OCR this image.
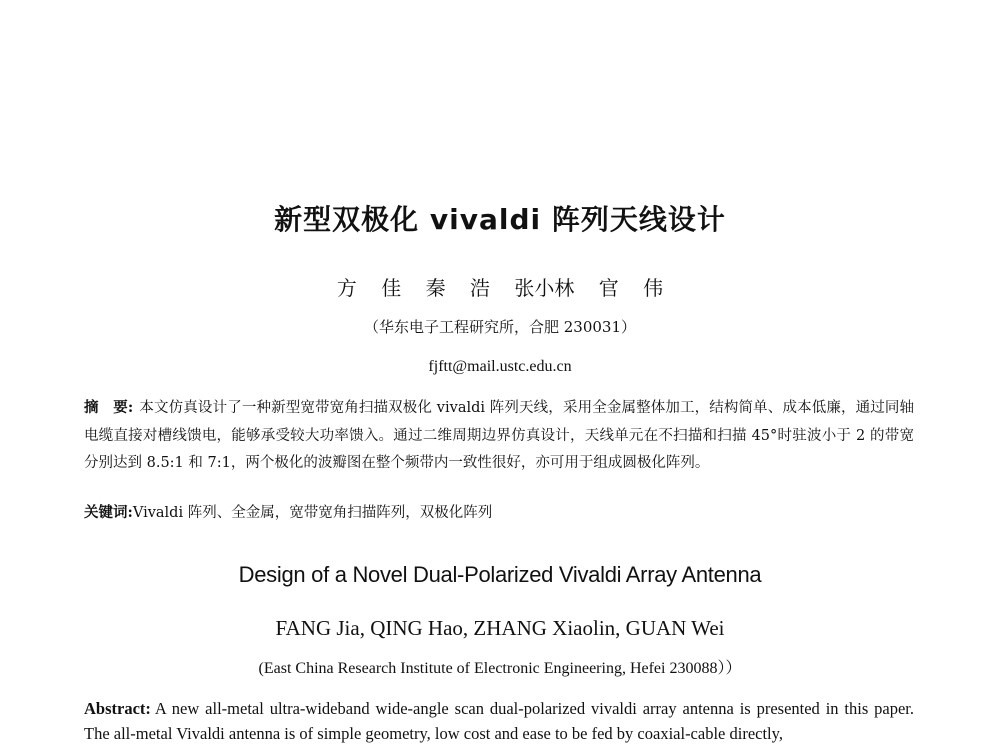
新型双极化 vivaldi 阵列天线设计
方 佳 秦 浩 张小林 官 伟
（华东电子工程研究所，合肥 230031）
fjftt@mail.ustc.edu.cn
摘　要: 本文仿真设计了一种新型宽带宽角扫描双极化 vivaldi 阵列天线，采用全金属整体加工，结构简单、成本低廉，通过同轴电缆直接对槽线馈电，能够承受较大功率馈入。通过二维周期边界仿真设计，天线单元在不扫描和扫描 45°时驻波小于 2 的带宽分别达到 8.5:1 和 7:1，两个极化的波瓣图在整个频带内一致性很好，亦可用于组成圆极化阵列。
关键词:Vivaldi 阵列、全金属，宽带宽角扫描阵列，双极化阵列
Design of a Novel Dual-Polarized Vivaldi Array Antenna
FANG Jia, QING Hao, ZHANG Xiaolin, GUAN Wei
(East China Research Institute of Electronic Engineering, Hefei 230088））
Abstract: A new all-metal ultra-wideband wide-angle scan dual-polarized vivaldi array antenna is presented in this paper. The all-metal Vivaldi antenna is of simple geometry, low cost and ease to be fed by coaxial-cable directly,
